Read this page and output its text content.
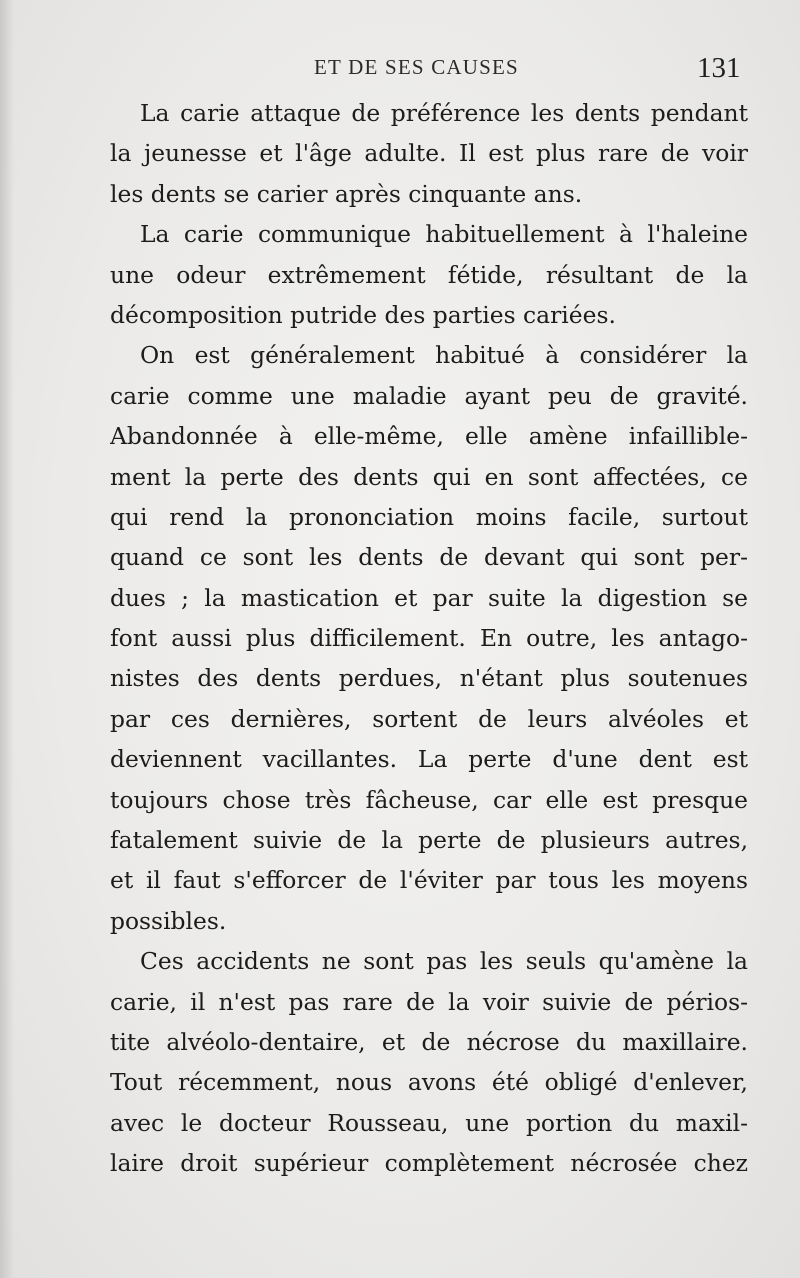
ET DE SES CAUSES	131
La carie attaque de préférence les dents pendant
la jeunesse et l'âge adulte. Il est plus rare de voir
les dents se carier après cinquante ans.
La carie communique habituellement à l'haleine
une odeur extrêmement fétide, résultant de la
décomposition putride des parties cariées.
On est généralement habitué à considérer la
carie comme une maladie ayant peu de gravité.
Abandonnée à elle-même, elle amène infaillible-
ment la perte des dents qui en sont affectées, ce
qui rend la prononciation moins facile, surtout
quand ce sont les dents de devant qui sont per-
dues ; la mastication et par suite la digestion se
font aussi plus difficilement. En outre, les antago-
nistes des dents perdues, n'étant plus soutenues
par ces dernières, sortent de leurs alvéoles et
deviennent vacillantes. La perte d'une dent est
toujours chose très fâcheuse, car elle est presque
fatalement suivie de la perte de plusieurs autres,
et il faut s'efforcer de l'éviter par tous les moyens
possibles.
Ces accidents ne sont pas les seuls qu'amène la
carie, il n'est pas rare de la voir suivie de périos-
tite alvéolo-dentaire, et de nécrose du maxillaire.
Tout récemment, nous avons été obligé d'enlever,
avec le docteur Rousseau, une portion du maxil-
laire droit supérieur complètement nécrosée chez
